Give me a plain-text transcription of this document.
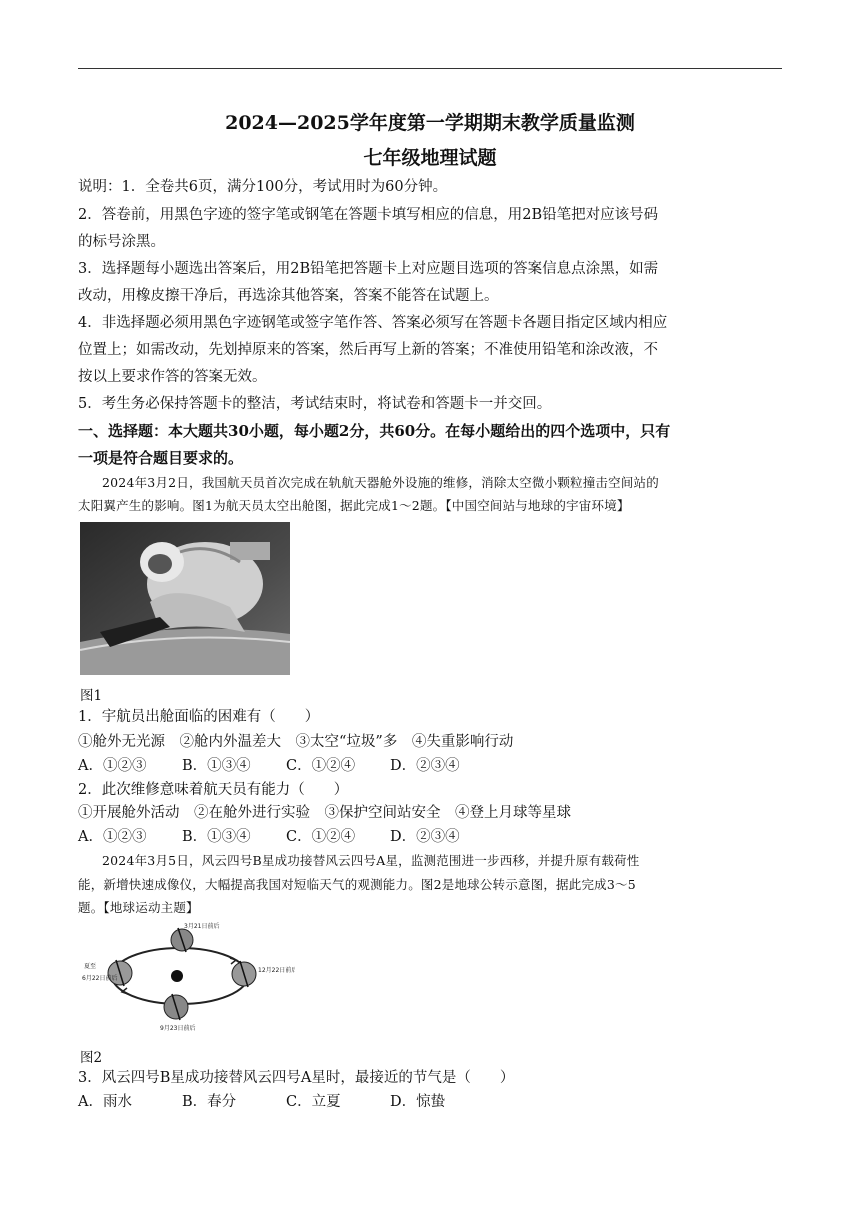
2024—2025学年度第一学期期末教学质量监测
七年级地理试题
说明：1．全卷共6页，满分100分，考试用时为60分钟。
2．答卷前，用黑色字迹的签字笔或钢笔在答题卡填写相应的信息，用2B铅笔把对应该号码
的标号涂黑。
3．选择题每小题选出答案后，用2B铅笔把答题卡上对应题目选项的答案信息点涂黑，如需
改动，用橡皮擦干净后，再选涂其他答案，答案不能答在试题上。
4．非选择题必须用黑色字迹钢笔或签字笔作答、答案必须写在答题卡各题目指定区域内相应
位置上；如需改动，先划掉原来的答案，然后再写上新的答案；不准使用铅笔和涂改液，不
按以上要求作答的答案无效。
5．考生务必保持答题卡的整洁，考试结束时，将试卷和答题卡一并交回。
一、选择题：本大题共30小题，每小题2分，共60分。在每小题给出的四个选项中，只有
一项是符合题目要求的。
2024年3月2日，我国航天员首次完成在轨航天器舱外设施的维修，消除太空微小颗粒撞击空间站的
太阳翼产生的影响。图1为航天员太空出舱图，据此完成1～2题。【中国空间站与地球的宇宙环境】
图1
1．宇航员出舱面临的困难有（　　）
①舱外无光源　②舱内外温差大　③太空“垃圾”多　④失重影响行动
A．①②③ B．①③④ C．①②④ D．②③④
2．此次维修意味着航天员有能力（　　）
①开展舱外活动　②在舱外进行实验　③保护空间站安全　④登上月球等星球
A．①②③ B．①③④ C．①②④ D．②③④
2024年3月5日，风云四号B星成功接替风云四号A星，监测范围进一步西移，并提升原有载荷性
能，新增快速成像仪，大幅提高我国对短临天气的观测能力。图2是地球公转示意图，据此完成3～5
题。【地球运动主题】
3月21日前后
6月22日前后
夏至
12月22日前后
9月23日前后
图2
3．风云四号B星成功接替风云四号A星时，最接近的节气是（　　）
A．雨水	B．春分	C．立夏	D．惊蛰
